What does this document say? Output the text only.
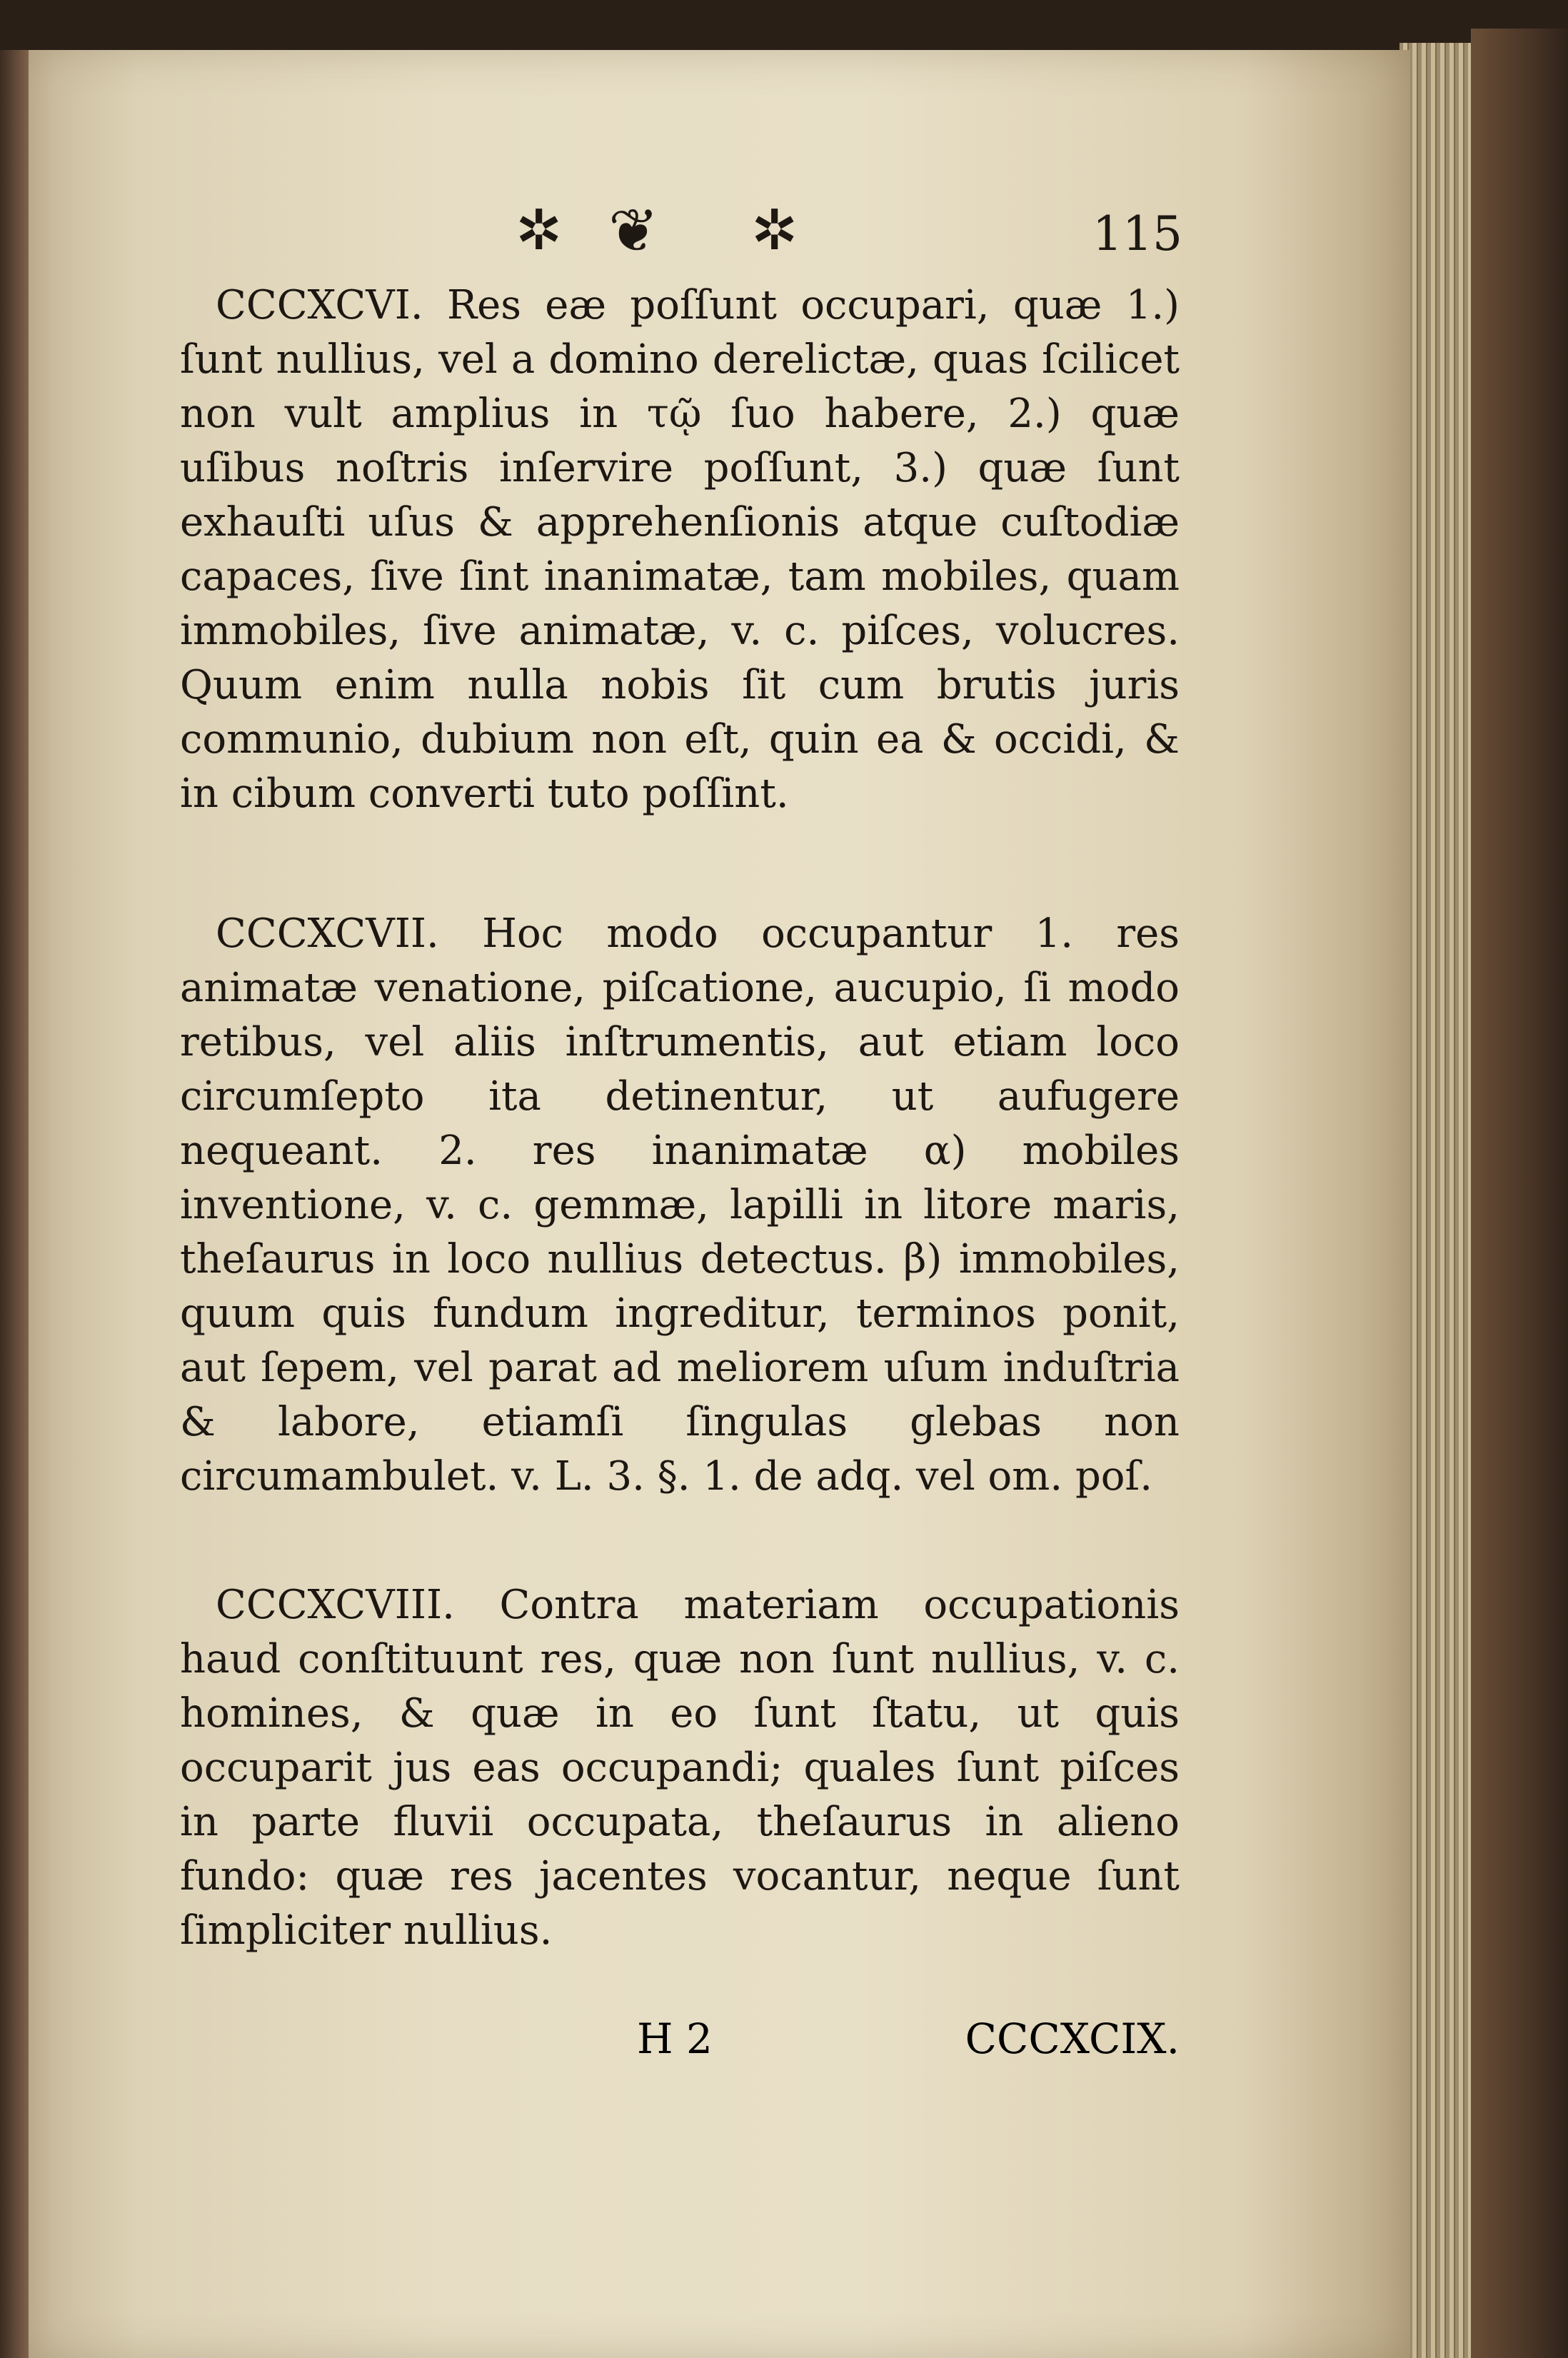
✲ ❦ ✲	115

CCCXCVI. Res eæ poſſunt occupari, quæ 1.) ſunt nullius, vel a domino derelictæ, quas ſcilicet non vult amplius in τῷ ſuo habere, 2.) quæ uſibus noſtris inſervire poſſunt, 3.) quæ ſunt exhauſti uſus & apprehenſionis atque cuſtodiæ capaces, ſive ſint inanimatæ, tam mobiles, quam immobiles, ſive animatæ, v. c. piſces, volucres. Quum enim nulla nobis ſit cum brutis juris communio, dubium non eſt, quin ea & occidi, & in cibum converti tuto poſſint.

CCCXCVII. Hoc modo occupantur 1. res animatæ venatione, piſcatione, aucupio, ſi modo retibus, vel aliis inſtrumentis, aut etiam loco circumſepto ita detinentur, ut aufugere nequeant. 2. res inanimatæ α) mobiles inventione, v. c. gemmæ, lapilli in litore maris, theſaurus in loco nullius detectus. β) immobiles, quum quis fundum ingreditur, terminos ponit, aut ſepem, vel parat ad meliorem uſum induſtria & labore, etiamſi ſingulas glebas non circumambulet. v. L. 3. §. 1. de adq. vel om. poſ.

CCCXCVIII. Contra materiam occupationis haud conſtituunt res, quæ non ſunt nullius, v. c. homines, & quæ in eo ſunt ſtatu, ut quis occuparit jus eas occupandi; quales ſunt piſces in parte fluvii occupata, theſaurus in alieno fundo: quæ res jacentes vocantur, neque ſunt ſimpliciter nullius.

H 2	CCCXCIX.
